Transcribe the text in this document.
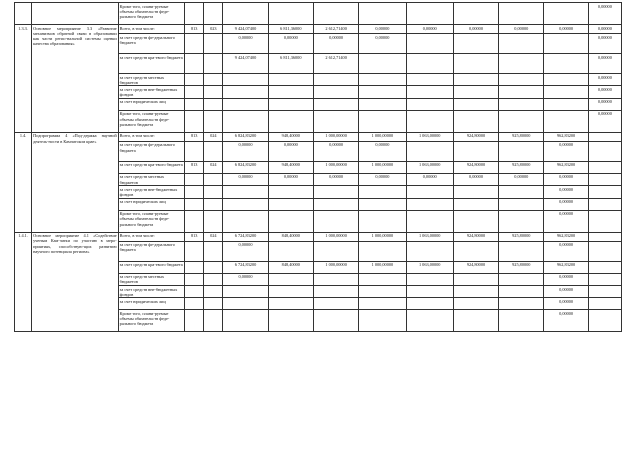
		Кроме того, плани-руемые объемы обязательств феде-рального бюджета											0,00000
1.3.3.	Основное мероприятие 3.3 «Развитие механизмов обратной связи в образовании как части регио-нальной системы оценки качества образования»	Всего, в том числе:	813	023	9 424,07400	6 811,36000	2 612,71400	0,00000	0,00000	0,00000	0,00000	0,00000	0,00000
		за счет средств фе-дерального бюджета			0,00000	0,00000	0,00000	0,00000					0,00000
		за счет средств кра-евого бюджета			9 424,07400	6 811,36000	2 612,71400						0,00000
		за счет средств местных бюджетов											0,00000
		за счет средств вне-бюджетных фондов											0,00000
		за счет юридических лиц											0,00000
		Кроме того, плани-руемые объемы обязательств феде-рального бюджета											0,00000
1.4.	Подпрограмма 4 «Под-держка научной деятель-ности в Камчатском крае»	Всего, в том числе:	813	024	6 824,83200	948,40000	1 000,00000	1 000,00000	1 063,00000	924,80000	925,80000	962,83200	
		за счет средств фе-дерального бюджета			0,00000	0,00000	0,00000	0,00000				0,00000	
		за счет средств кра-евого бюджета	813	024	6 824,83200	948,40000	1 000,00000	1 000,00000	1 063,00000	924,80000	925,80000	962,83200	
		за счет средств местных бюджетов			0,00000	0,00000	0,00000	0,00000	0,00000	0,00000	0,00000	0,00000	
		за счет средств вне-бюджетных фондов										0,00000	
		за счет юридических лиц										0,00000	
		Кроме того, плани-руемые объемы обязательств феде-рального бюджета										0,00000	
1.4.1.	Основное мероприятие 4.1 «Содействие ученым Кам-чатки по участию в меро-приятиях, способствую-щих развитию научного потенциала региона»	Всего, в том числе:	813	024	6 724,83200	848,40000	1 000,00000	1 000,00000	1 063,00000	924,80000	925,80000	962,83200	
		за счет средств фе-дерального бюджета			0,00000							0,00000	
		за счет средств кра-евого бюджета			6 724,83200	848,40000	1 000,00000	1 000,00000	1 063,00000	924,80000	925,80000	962,83200	
		за счет средств местных бюджетов			0,00000							0,00000	
		за счет средств вне-бюджетных фондов										0,00000	
		за счет юридических лиц										0,00000	
		Кроме того, плани-руемые объемы обязательств феде-рального бюджета										0,00000	
